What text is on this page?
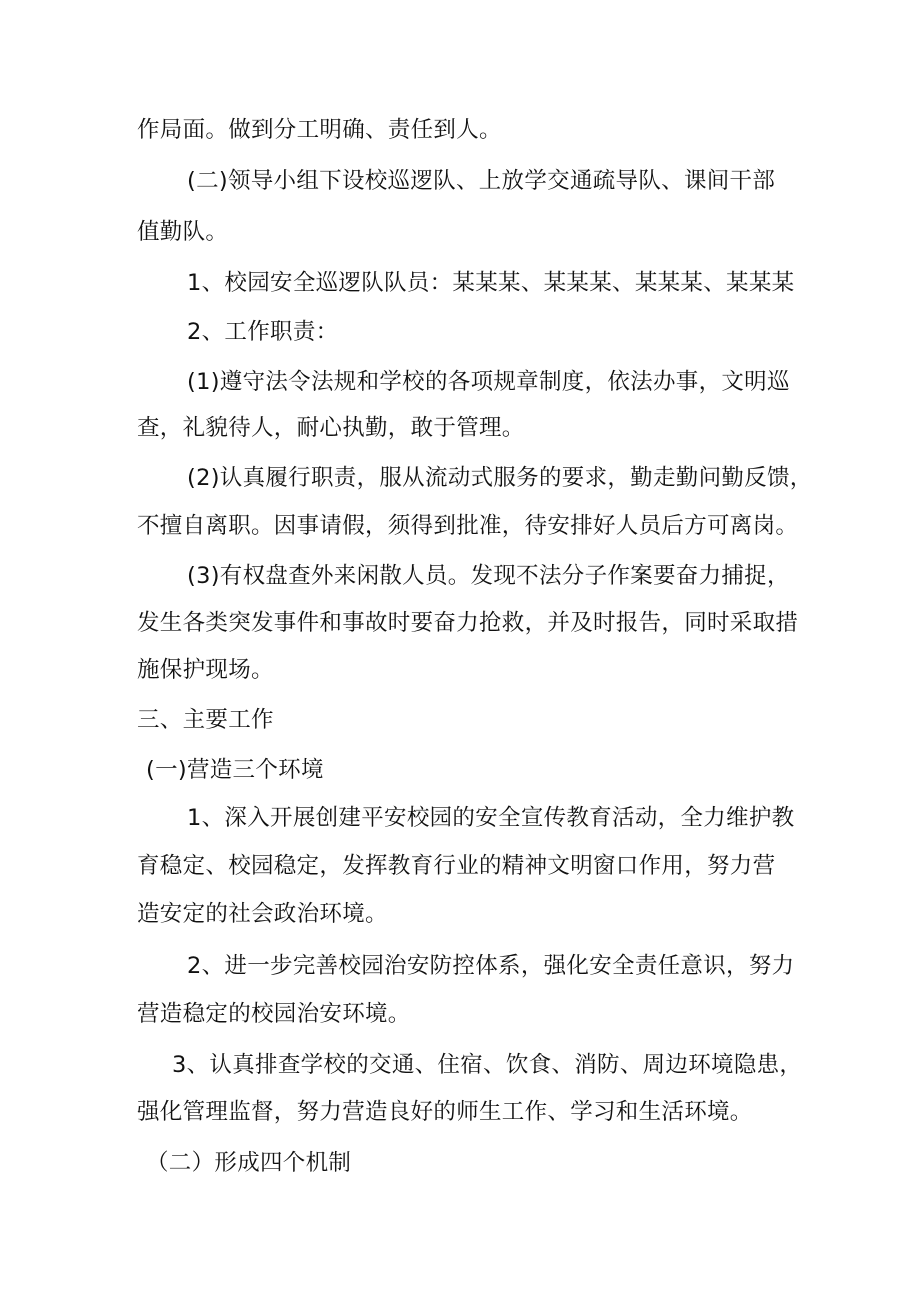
作局面。做到分工明确、责任到人。

(二)领导小组下设校巡逻队、上放学交通疏导队、课间干部

值勤队。

1、校园安全巡逻队队员：某某某、某某某、某某某、某某某

2、工作职责：

(1)遵守法令法规和学校的各项规章制度，依法办事，文明巡

查，礼貌待人，耐心执勤，敢于管理。

(2)认真履行职责，服从流动式服务的要求，勤走勤问勤反馈，

不擅自离职。因事请假，须得到批准，待安排好人员后方可离岗。

(3)有权盘查外来闲散人员。发现不法分子作案要奋力捕捉，

发生各类突发事件和事故时要奋力抢救，并及时报告，同时采取措

施保护现场。

三、主要工作

(一)营造三个环境

1、深入开展创建平安校园的安全宣传教育活动，全力维护教

育稳定、校园稳定，发挥教育行业的精神文明窗口作用，努力营

造安定的社会政治环境。

2、进一步完善校园治安防控体系，强化安全责任意识，努力

营造稳定的校园治安环境。

3、认真排查学校的交通、住宿、饮食、消防、周边环境隐患，

强化管理监督，努力营造良好的师生工作、学习和生活环境。

（二）形成四个机制
